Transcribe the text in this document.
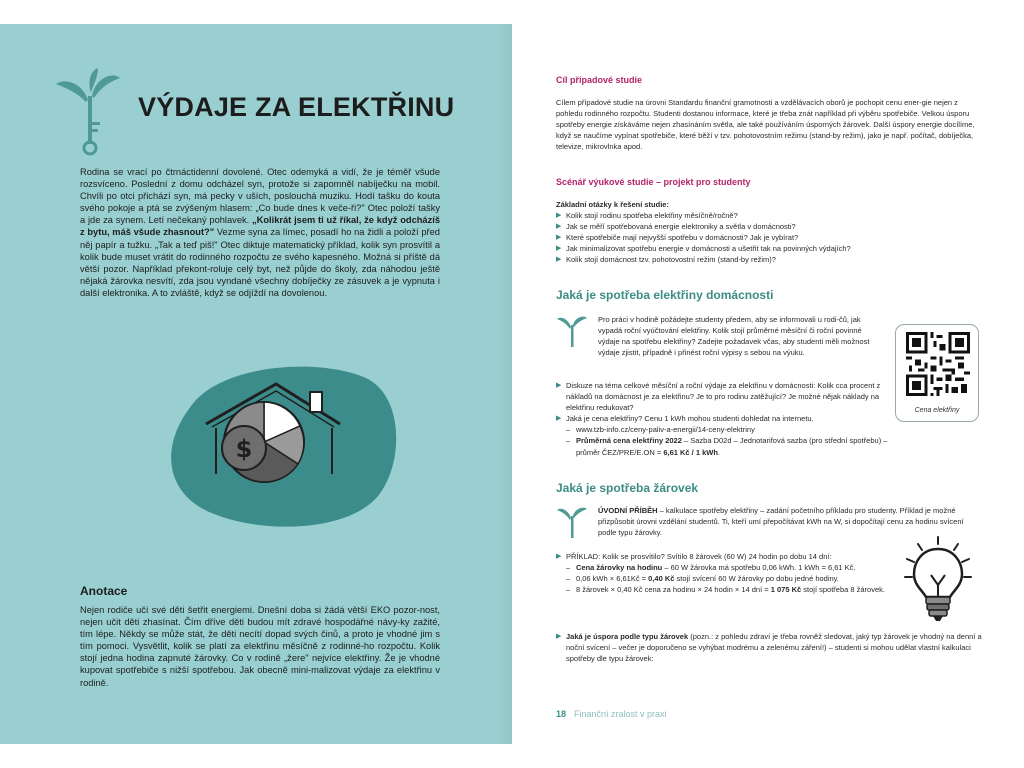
VÝDAJE ZA ELEKTŘINU

Rodina se vrací po čtrnáctidenní dovolené. Otec odemyká a vidí, že je téměř všude rozsvíceno. Poslední z domu odcházel syn, protože si zapomněl nabíječku na mobil. Chvíli po otci přichází syn, má pecky v uších, poslouchá muziku. Hodí tašku do kouta svého pokoje a ptá se zvýšeným hlasem: „Co bude dnes k veče-ři?" Otec položí tašky a jde za synem. Letí nečekaný pohlavek. „Kolikrát jsem ti už říkal, že když odcházíš z bytu, máš všude zhasnout?" Vezme syna za límec, posadí ho na židli a položí před něj papír a tužku. „Tak a teď piš!" Otec diktuje matematický příklad, kolik syn prosvítil a kolik bude muset vrátit do rodinného rozpočtu ze svého kapesného. Možná si příště dá větší pozor. Například překont-roluje celý byt, než půjde do školy, zda náhodou ještě nějaká žárovka nesvítí, zda jsou vyndané všechny dobíječky ze zásuvek a je vypnuta i další elektronika. A to zvláště, když se odjíždí na dovolenou.

$
Anotace
Nejen rodiče učí své děti šetřit energiemi. Dnešní doba si žádá větší EKO pozor-nost, nejen učit děti zhasínat. Čím dříve děti budou mít zdravé hospodářné návy-ky zažité, tím lépe. Někdy se může stát, že děti necítí dopad svých činů, a proto je vhodné jim s tím pomoci. Vysvětlit, kolik se platí za elektřinu měsíčně z rodinné-ho rozpočtu. Kolik stojí jedna hodina zapnuté žárovky. Co v rodině „žere" nejvíce elektřiny. Že je vhodné kupovat spotřebiče s nižší spotřebou. Jak obecně mini-malizovat výdaje za elektřinu v rodině.
Cíl případové studie
Cílem případové studie na úrovni Standardu finanční gramotnosti a vzdělávacích oborů je pochopit cenu ener-gie nejen z pohledu rodinného rozpočtu. Studenti dostanou informace, které je třeba znát například při výběru spotřebiče. Velkou úsporu spotřeby energie získáváme nejen zhasínáním světla, ale také používáním úsporných žárovek. Další úspory energie docílíme, když se naučíme vypínat spotřebiče, které běží v tzv. pohotovostním režimu (stand-by režim), jako je např. počítač, dobíječka, televize, mikrovlnka apod.
Scénář výukové studie – projekt pro studenty
Základní otázky k řešení studie:
▶ Kolik stojí rodinu spotřeba elektřiny měsíčně/ročně?
▶ Jak se měří spotřebovaná energie elektroniky a světla v domácnosti?
▶ Které spotřebiče mají nejvyšší spotřebu v domácnosti? Jak je vybírat?
▶ Jak minimalizovat spotřebu energie v domácnosti a ušetřit tak na povinných výdajích?
▶ Kolik stojí domácnost tzv. pohotovostní režim (stand-by režim)?
Jaká je spotřeba elektřiny domácnosti
Pro práci v hodině požádejte studenty předem, aby se informovali u rodi-čů, jak vypadá roční vyúčtování elektřiny. Kolik stojí průměrné měsíční či roční povinné výdaje na spotřebu elektřiny? Zadejte požadavek včas, aby studenti měli možnost výdaje zjistit, případně i přinést roční výpisy s sebou na výuku.
Cena elektřiny
▶ Diskuze na téma celkové měsíční a roční výdaje za elektřinu v domácnosti: Kolik cca procent z nákladů na domácnost je za elektřinu? Je to pro rodinu zatěžující? Je možné nějak náklady na elektřinu redukovat?
▶ Jaká je cena elektřiny? Cenu 1 kWh mohou studenti dohledat na internetu.
– www.tzb-info.cz/ceny-paliv-a-energii/14-ceny-elektriny
– Průměrná cena elektřiny 2022 – Sazba D02d – Jednotarifová sazba (pro střední spotřebu) – průměr ČEZ/PRE/E.ON = 6,61 Kč / 1 kWh.
Jaká je spotřeba žárovek
ÚVODNÍ PŘÍBĚH – kalkulace spotřeby elektřiny – zadání početního příkladu pro studenty. Příklad je možné přizpůsobit úrovni vzdělání studentů. Ti, kteří umí přepočítávat kWh na W, si dopočítají cenu za hodinu svícení podle typu žárovky.
▶ PŘÍKLAD: Kolik se prosvítilo? Svítilo 8 žárovek (60 W) 24 hodin po dobu 14 dní:
– Cena žárovky na hodinu – 60 W žárovka má spotřebu 0,06 kWh. 1 kWh = 6,61 Kč.
– 0,06 kWh × 6,61Kč = 0,40 Kč stojí svícení 60 W žárovky po dobu jedné hodiny.
– 8 žárovek × 0,40 Kč cena za hodinu × 24 hodin × 14 dní = 1 075 Kč stojí spotřeba 8 žárovek.
▶ Jaká je úspora podle typu žárovek (pozn.: z pohledu zdraví je třeba rovněž sledovat, jaký typ žárovek je vhodný na denní a noční svícení – večer je doporučeno se vyhýbat modrému a zelenému záření!) – studenti si mohou udělat vlastní kalkulaci spotřeby dle typu žárovek:
18 Finanční zralost v praxi
